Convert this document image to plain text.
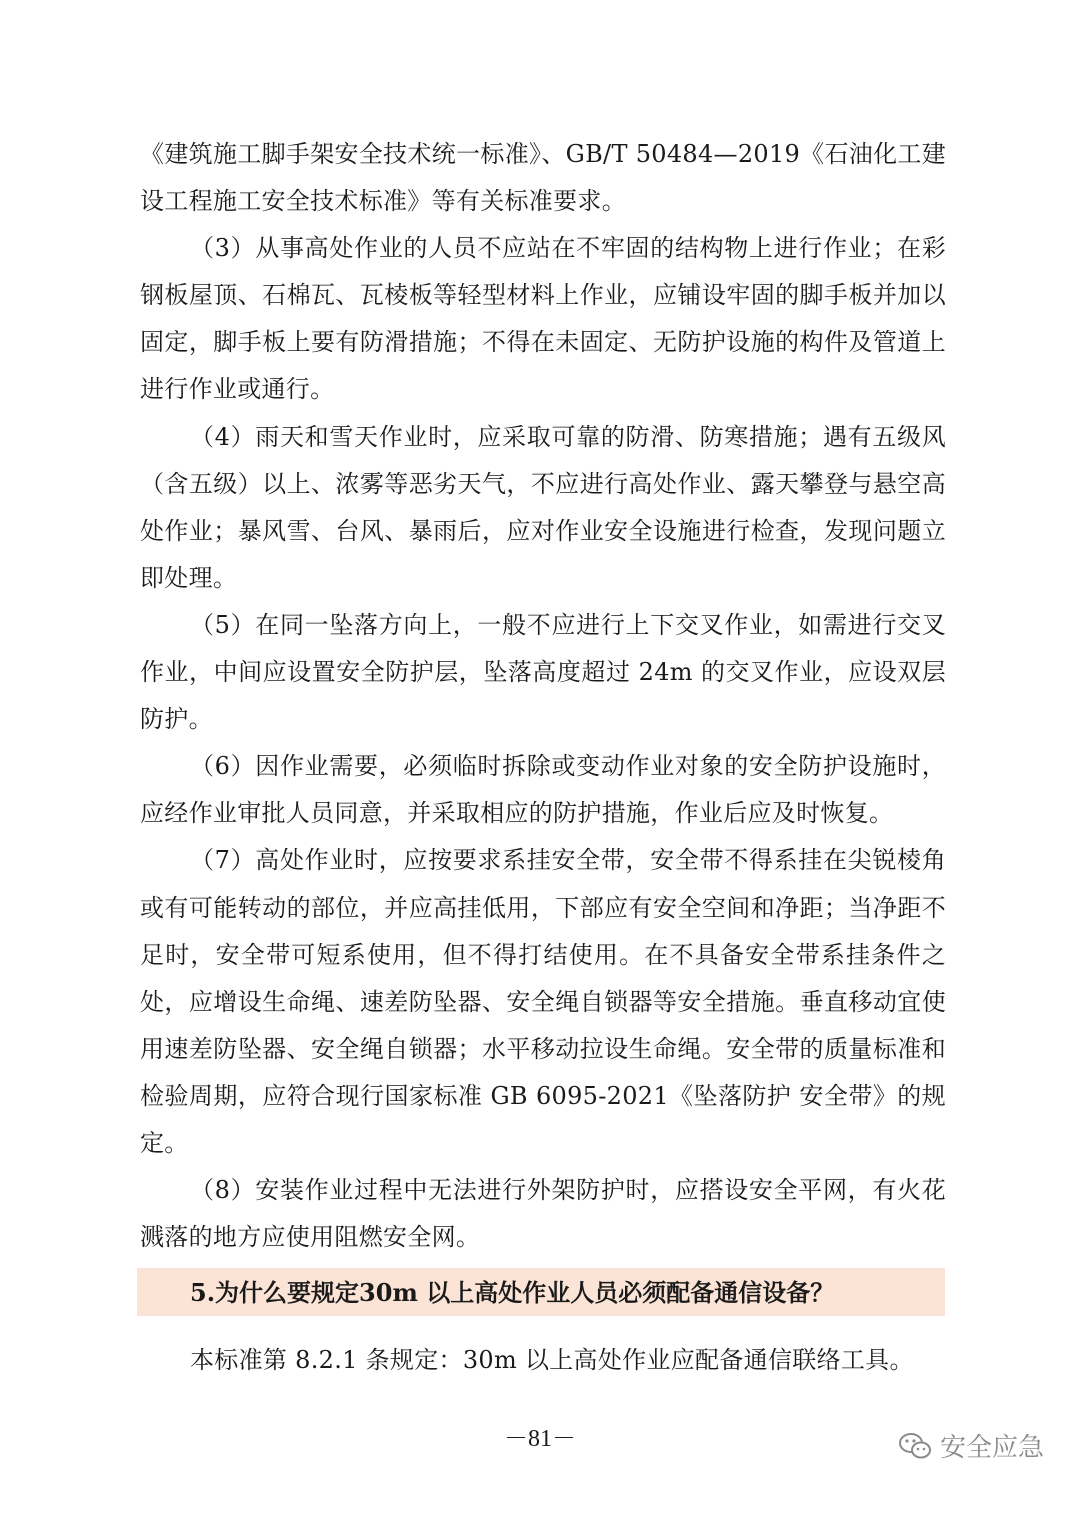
《建筑施工脚手架安全技术统一标准》、GB/T 50484—2019《石油化工建设工程施工安全技术标准》等有关标准要求。

（3）从事高处作业的人员不应站在不牢固的结构物上进行作业；在彩钢板屋顶、石棉瓦、瓦棱板等轻型材料上作业，应铺设牢固的脚手板并加以固定，脚手板上要有防滑措施；不得在未固定、无防护设施的构件及管道上进行作业或通行。

（4）雨天和雪天作业时，应采取可靠的防滑、防寒措施；遇有五级风（含五级）以上、浓雾等恶劣天气，不应进行高处作业、露天攀登与悬空高处作业；暴风雪、台风、暴雨后，应对作业安全设施进行检查，发现问题立即处理。

（5）在同一坠落方向上，一般不应进行上下交叉作业，如需进行交叉作业，中间应设置安全防护层，坠落高度超过 24m 的交叉作业，应设双层防护。

（6）因作业需要，必须临时拆除或变动作业对象的安全防护设施时，应经作业审批人员同意，并采取相应的防护措施，作业后应及时恢复。

（7）高处作业时，应按要求系挂安全带，安全带不得系挂在尖锐棱角或有可能转动的部位，并应高挂低用，下部应有安全空间和净距；当净距不足时，安全带可短系使用，但不得打结使用。在不具备安全带系挂条件之处，应增设生命绳、速差防坠器、安全绳自锁器等安全措施。垂直移动宜使用速差防坠器、安全绳自锁器；水平移动拉设生命绳。安全带的质量标准和检验周期，应符合现行国家标准 GB 6095-2021《坠落防护 安全带》的规定。

（8）安装作业过程中无法进行外架防护时，应搭设安全平网，有火花溅落的地方应使用阻燃安全网。

5.为什么要规定30m 以上高处作业人员必须配备通信设备？

本标准第 8.2.1 条规定：30m 以上高处作业应配备通信联络工具。

－81－	安全应急
